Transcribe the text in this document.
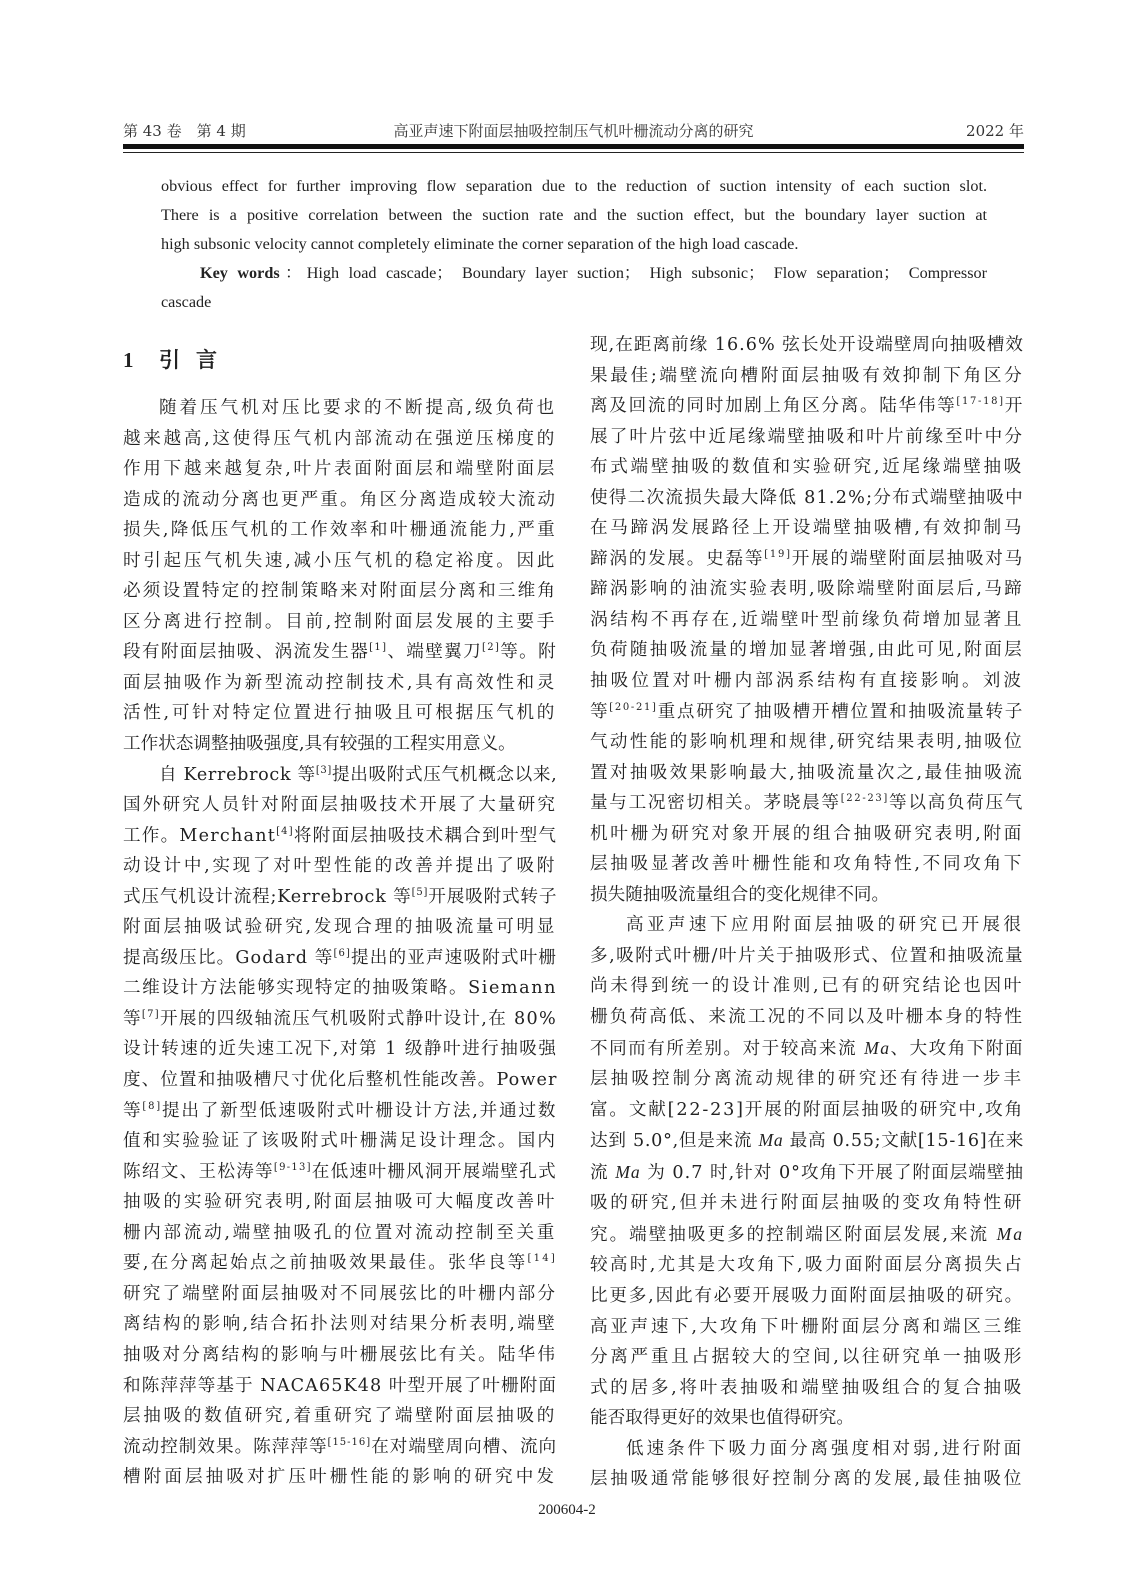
第 43 卷　第 4 期	高亚声速下附面层抽吸控制压气机叶栅流动分离的研究	2022 年

obvious effect for further improving flow separation due to the reduction of suction intensity of each suction slot.

There is a positive correlation between the suction rate and the suction effect, but the boundary layer suction at

high subsonic velocity cannot completely eliminate the corner separation of the high load cascade.

Key words：High load cascade； Boundary layer suction； High subsonic； Flow separation； Compressor

cascade

1 引言
随着压气机对压比要求的不断提高,级负荷也
越来越高,这使得压气机内部流动在强逆压梯度的
作用下越来越复杂,叶片表面附面层和端壁附面层
造成的流动分离也更严重。角区分离造成较大流动
损失,降低压气机的工作效率和叶栅通流能力,严重
时引起压气机失速,减小压气机的稳定裕度。因此
必须设置特定的控制策略来对附面层分离和三维角
区分离进行控制。目前,控制附面层发展的主要手
段有附面层抽吸、涡流发生器[1]、端壁翼刀[2]等。附
面层抽吸作为新型流动控制技术,具有高效性和灵
活性,可针对特定位置进行抽吸且可根据压气机的
工作状态调整抽吸强度,具有较强的工程实用意义。
自 Kerrebrock 等[3]提出吸附式压气机概念以来,
国外研究人员针对附面层抽吸技术开展了大量研究
工作。Merchant[4]将附面层抽吸技术耦合到叶型气
动设计中,实现了对叶型性能的改善并提出了吸附
式压气机设计流程;Kerrebrock 等[5]开展吸附式转子
附面层抽吸试验研究,发现合理的抽吸流量可明显
提高级压比。Godard 等[6]提出的亚声速吸附式叶栅
二维设计方法能够实现特定的抽吸策略。Siemann
等[7]开展的四级轴流压气机吸附式静叶设计,在 80%
设计转速的近失速工况下,对第 1 级静叶进行抽吸强
度、位置和抽吸槽尺寸优化后整机性能改善。Power
等[8]提出了新型低速吸附式叶栅设计方法,并通过数
值和实验验证了该吸附式叶栅满足设计理念。国内
陈绍文、王松涛等[9-13]在低速叶栅风洞开展端壁孔式
抽吸的实验研究表明,附面层抽吸可大幅度改善叶
栅内部流动,端壁抽吸孔的位置对流动控制至关重
要,在分离起始点之前抽吸效果最佳。张华良等[14]
研究了端壁附面层抽吸对不同展弦比的叶栅内部分
离结构的影响,结合拓扑法则对结果分析表明,端壁
抽吸对分离结构的影响与叶栅展弦比有关。陆华伟
和陈萍萍等基于 NACA65K48 叶型开展了叶栅附面
层抽吸的数值研究,着重研究了端壁附面层抽吸的
流动控制效果。陈萍萍等[15-16]在对端壁周向槽、流向
槽附面层抽吸对扩压叶栅性能的影响的研究中发
现,在距离前缘 16.6% 弦长处开设端壁周向抽吸槽效
果最佳;端壁流向槽附面层抽吸有效抑制下角区分
离及回流的同时加剧上角区分离。陆华伟等[17-18]开
展了叶片弦中近尾缘端壁抽吸和叶片前缘至叶中分
布式端壁抽吸的数值和实验研究,近尾缘端壁抽吸
使得二次流损失最大降低 81.2%;分布式端壁抽吸中
在马蹄涡发展路径上开设端壁抽吸槽,有效抑制马
蹄涡的发展。史磊等[19]开展的端壁附面层抽吸对马
蹄涡影响的油流实验表明,吸除端壁附面层后,马蹄
涡结构不再存在,近端壁叶型前缘负荷增加显著且
负荷随抽吸流量的增加显著增强,由此可见,附面层
抽吸位置对叶栅内部涡系结构有直接影响。刘波
等[20-21]重点研究了抽吸槽开槽位置和抽吸流量转子
气动性能的影响机理和规律,研究结果表明,抽吸位
置对抽吸效果影响最大,抽吸流量次之,最佳抽吸流
量与工况密切相关。茅晓晨等[22-23]等以高负荷压气
机叶栅为研究对象开展的组合抽吸研究表明,附面
层抽吸显著改善叶栅性能和攻角特性,不同攻角下
损失随抽吸流量组合的变化规律不同。
高亚声速下应用附面层抽吸的研究已开展很
多,吸附式叶栅/叶片关于抽吸形式、位置和抽吸流量
尚未得到统一的设计准则,已有的研究结论也因叶
栅负荷高低、来流工况的不同以及叶栅本身的特性
不同而有所差别。对于较高来流 Ma、大攻角下附面
层抽吸控制分离流动规律的研究还有待进一步丰
富。文献[22-23]开展的附面层抽吸的研究中,攻角
达到 5.0°,但是来流 Ma 最高 0.55;文献[15-16]在来
流 Ma 为 0.7 时,针对 0°攻角下开展了附面层端壁抽
吸的研究,但并未进行附面层抽吸的变攻角特性研
究。端壁抽吸更多的控制端区附面层发展,来流 Ma
较高时,尤其是大攻角下,吸力面附面层分离损失占
比更多,因此有必要开展吸力面附面层抽吸的研究。
高亚声速下,大攻角下叶栅附面层分离和端区三维
分离严重且占据较大的空间,以往研究单一抽吸形
式的居多,将叶表抽吸和端壁抽吸组合的复合抽吸
能否取得更好的效果也值得研究。
低速条件下吸力面分离强度相对弱,进行附面
层抽吸通常能够很好控制分离的发展,最佳抽吸位
200604-2
